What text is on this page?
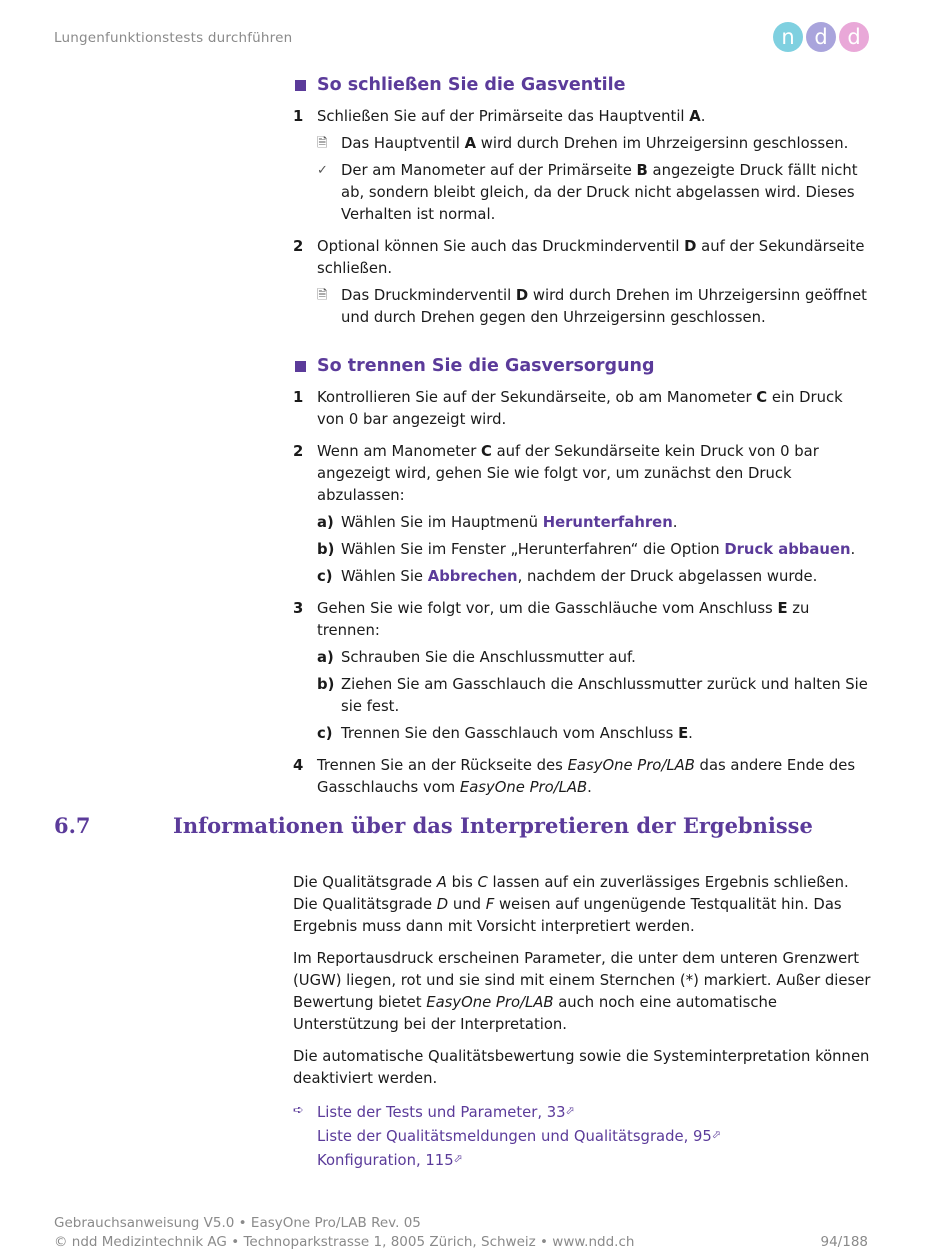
Lungenfunktionstests durchführen	n d d
So schließen Sie die Gasventile
1 Schließen Sie auf der Primärseite das Hauptventil A.
🗎 Das Hauptventil A wird durch Drehen im Uhrzeigersinn geschlossen.
✓ Der am Manometer auf der Primärseite B angezeigte Druck fällt nicht ab, sondern bleibt gleich, da der Druck nicht abgelassen wird. Dieses Verhalten ist normal.
2 Optional können Sie auch das Druckminderventil D auf der Sekundärseite schließen.
🗎 Das Druckminderventil D wird durch Drehen im Uhrzeigersinn geöffnet und durch Drehen gegen den Uhrzeigersinn geschlossen.
So trennen Sie die Gasversorgung
1 Kontrollieren Sie auf der Sekundärseite, ob am Manometer C ein Druck von 0 bar angezeigt wird.
2 Wenn am Manometer C auf der Sekundärseite kein Druck von 0 bar angezeigt wird, gehen Sie wie folgt vor, um zunächst den Druck abzulassen:
a) Wählen Sie im Hauptmenü Herunterfahren.
b) Wählen Sie im Fenster „Herunterfahren“ die Option Druck abbauen.
c) Wählen Sie Abbrechen, nachdem der Druck abgelassen wurde.
3 Gehen Sie wie folgt vor, um die Gasschläuche vom Anschluss E zu trennen:
a) Schrauben Sie die Anschlussmutter auf.
b) Ziehen Sie am Gasschlauch die Anschlussmutter zurück und halten Sie sie fest.
c) Trennen Sie den Gasschlauch vom Anschluss E.
4 Trennen Sie an der Rückseite des EasyOne Pro/LAB das andere Ende des Gasschlauchs vom EasyOne Pro/LAB.
6.7	Informationen über das Interpretieren der Ergebnisse

Die Qualitätsgrade A bis C lassen auf ein zuverlässiges Ergebnis schließen. Die Qualitätsgrade D und F weisen auf ungenügende Testqualität hin. Das Ergebnis muss dann mit Vorsicht interpretiert werden.

Im Reportausdruck erscheinen Parameter, die unter dem unteren Grenzwert (UGW) liegen, rot und sie sind mit einem Sternchen (*) markiert. Außer dieser Bewertung bietet EasyOne Pro/LAB auch noch eine automatische Unterstützung bei der Interpretation.

Die automatische Qualitätsbewertung sowie die Systeminterpretation können deaktiviert werden.

➪ Liste der Tests und Parameter, 33⬀
Liste der Qualitätsmeldungen und Qualitätsgrade, 95⬀
Konfiguration, 115⬀
Gebrauchsanweisung V5.0 • EasyOne Pro/LAB Rev. 05
© ndd Medizintechnik AG • Technoparkstrasse 1, 8005 Zürich, Schweiz • www.ndd.ch	94/188
